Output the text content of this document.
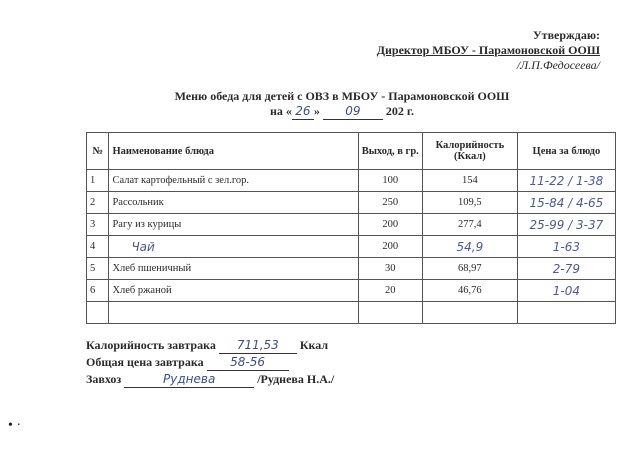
Утверждаю:
Директор МБОУ - Парамоновской ООШ
/Л.П.Федосеева/
Меню обеда для детей с ОВЗ в МБОУ - Парамоновской ООШ
на « 26 » 09 202 г.
№	Наименование блюда	Выход, в гр.	Калорийность (Ккал)	Цена за блюдо
1	Салат картофельный с зел.гор.	100	154	11-22 / 1-38
2	Рассольник	250	109,5	15-84 / 4-65
3	Рагу из курицы	200	277,4	25-99 / 3-37
4	Чай	200	54,9	1-63
5	Хлеб пшеничный	30	68,97	2-79
6	Хлеб ржаной	20	46,76	1-04

Калорийность завтрака 711,53 Ккал
Общая цена завтрака 58-56
Завхоз	Руднева	/Руднева Н.А./
• ·
